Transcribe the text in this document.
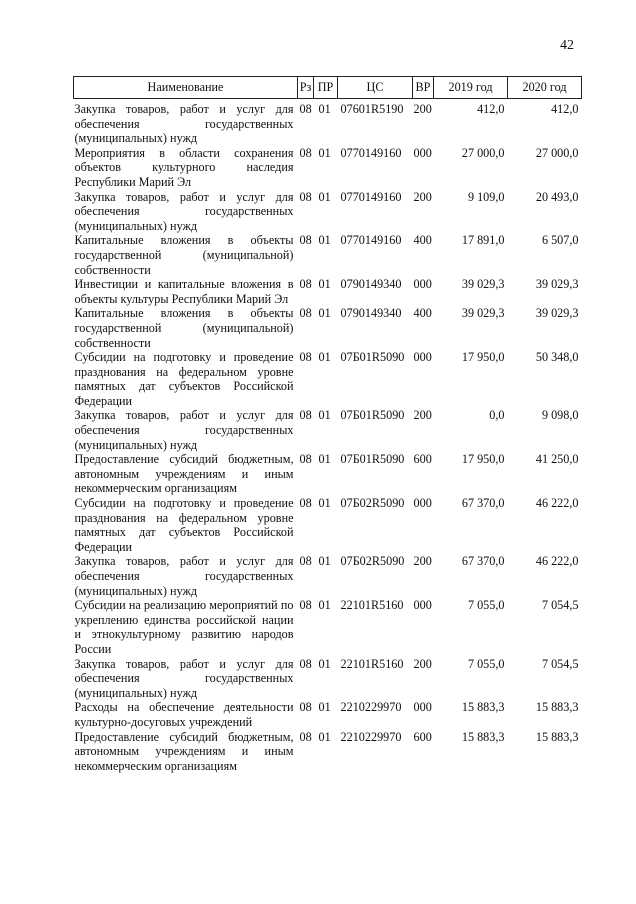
42
Наименование	Рз	ПР	ЦС	ВР	2019 год	2020 год
Закупка товаров, работ и услуг для обеспечения государственных (муниципальных) нужд	08	01	07601R5190	200	412,0	412,0
Мероприятия в области сохранения объектов культурного наследия Республики Марий Эл	08	01	0770149160	000	27 000,0	27 000,0
Закупка товаров, работ и услуг для обеспечения государственных (муниципальных) нужд	08	01	0770149160	200	9 109,0	20 493,0
Капитальные вложения в объекты государственной (муниципальной) собственности	08	01	0770149160	400	17 891,0	6 507,0
Инвестиции и капитальные вложения в объекты культуры Республики Марий Эл	08	01	0790149340	000	39 029,3	39 029,3
Капитальные вложения в объекты государственной (муниципальной) собственности	08	01	0790149340	400	39 029,3	39 029,3
Субсидии на подготовку и проведение празднования на федеральном уровне памятных дат субъектов Российской Федерации	08	01	07Б01R5090	000	17 950,0	50 348,0
Закупка товаров, работ и услуг для обеспечения государственных (муниципальных) нужд	08	01	07Б01R5090	200	0,0	9 098,0
Предоставление субсидий бюджетным, автономным учреждениям и иным некоммерческим организациям	08	01	07Б01R5090	600	17 950,0	41 250,0
Субсидии на подготовку и проведение празднования на федеральном уровне памятных дат субъектов Российской Федерации	08	01	07Б02R5090	000	67 370,0	46 222,0
Закупка товаров, работ и услуг для обеспечения государственных (муниципальных) нужд	08	01	07Б02R5090	200	67 370,0	46 222,0
Субсидии на реализацию мероприятий по укреплению единства российской нации и этнокультурному развитию народов России	08	01	22101R5160	000	7 055,0	7 054,5
Закупка товаров, работ и услуг для обеспечения государственных (муниципальных) нужд	08	01	22101R5160	200	7 055,0	7 054,5
Расходы на обеспечение деятельности культурно-досуговых учреждений	08	01	2210229970	000	15 883,3	15 883,3
Предоставление субсидий бюджетным, автономным учреждениям и иным некоммерческим организациям	08	01	2210229970	600	15 883,3	15 883,3
